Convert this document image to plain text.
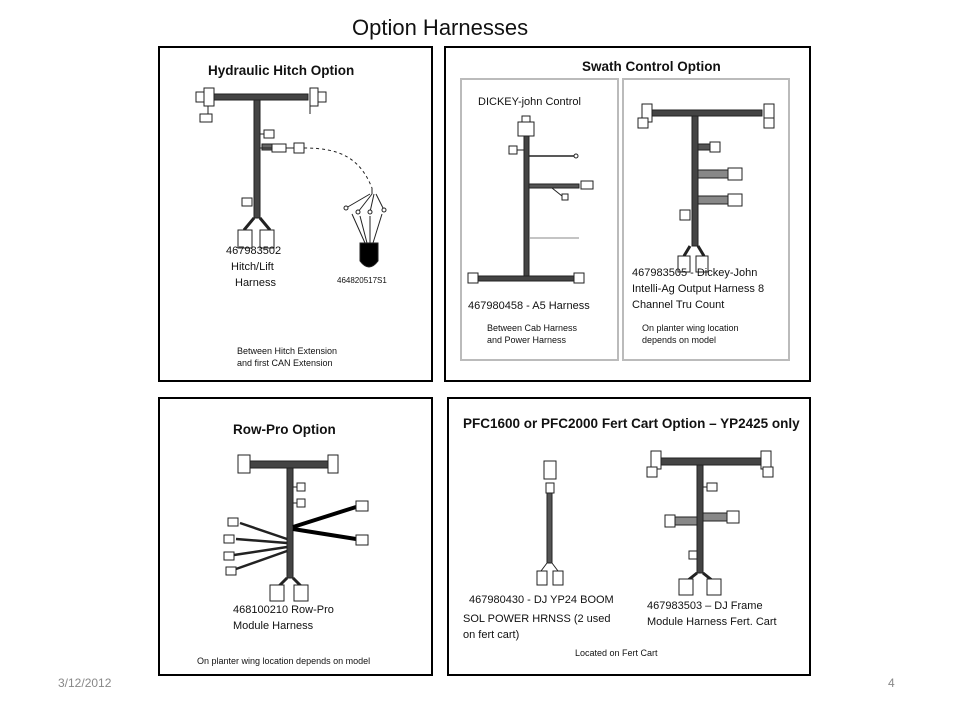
Option Harnesses
Hydraulic Hitch Option
467983502
Hitch/Lift
Harness	464820517S1
Between Hitch Extension
and first CAN Extension
Swath Control Option
DICKEY-john Control
467980458 - A5 Harness
Between Cab Harness
and Power Harness
467983505 - Dickey-John
Intelli-Ag Output Harness 8
Channel Tru Count
On planter wing location
depends on model
Row-Pro Option
468100210 Row-Pro
Module Harness
On planter wing location depends on model
PFC1600 or PFC2000 Fert Cart Option – YP2425 only
467980430 - DJ YP24 BOOM
SOL POWER HRNSS (2 used
on fert cart)
467983503 – DJ Frame
Module Harness Fert. Cart
Located on Fert Cart
3/12/2012	4
